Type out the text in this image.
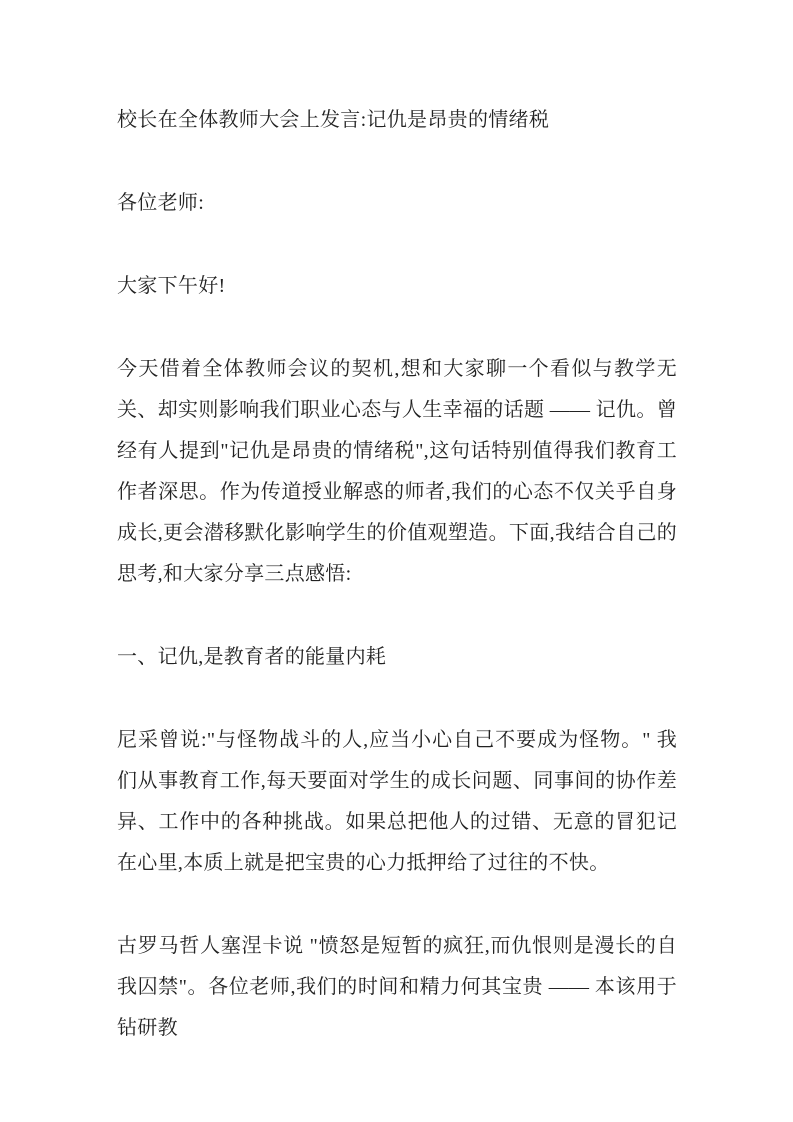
校长在全体教师大会上发言:记仇是昂贵的情绪税

各位老师:

大家下午好!

今天借着全体教师会议的契机,想和大家聊一个看似与教学无关、却实则影响我们职业心态与人生幸福的话题 —— 记仇。曾经有人提到"记仇是昂贵的情绪税",这句话特别值得我们教育工作者深思。作为传道授业解惑的师者,我们的心态不仅关乎自身成长,更会潜移默化影响学生的价值观塑造。下面,我结合自己的思考,和大家分享三点感悟:

一、记仇,是教育者的能量内耗

尼采曾说:"与怪物战斗的人,应当小心自己不要成为怪物。" 我们从事教育工作,每天要面对学生的成长问题、同事间的协作差异、工作中的各种挑战。如果总把他人的过错、无意的冒犯记在心里,本质上就是把宝贵的心力抵押给了过往的不快。

古罗马哲人塞涅卡说 "愤怒是短暂的疯狂,而仇恨则是漫长的自我囚禁"。各位老师,我们的时间和精力何其宝贵 —— 本该用于钻研教
